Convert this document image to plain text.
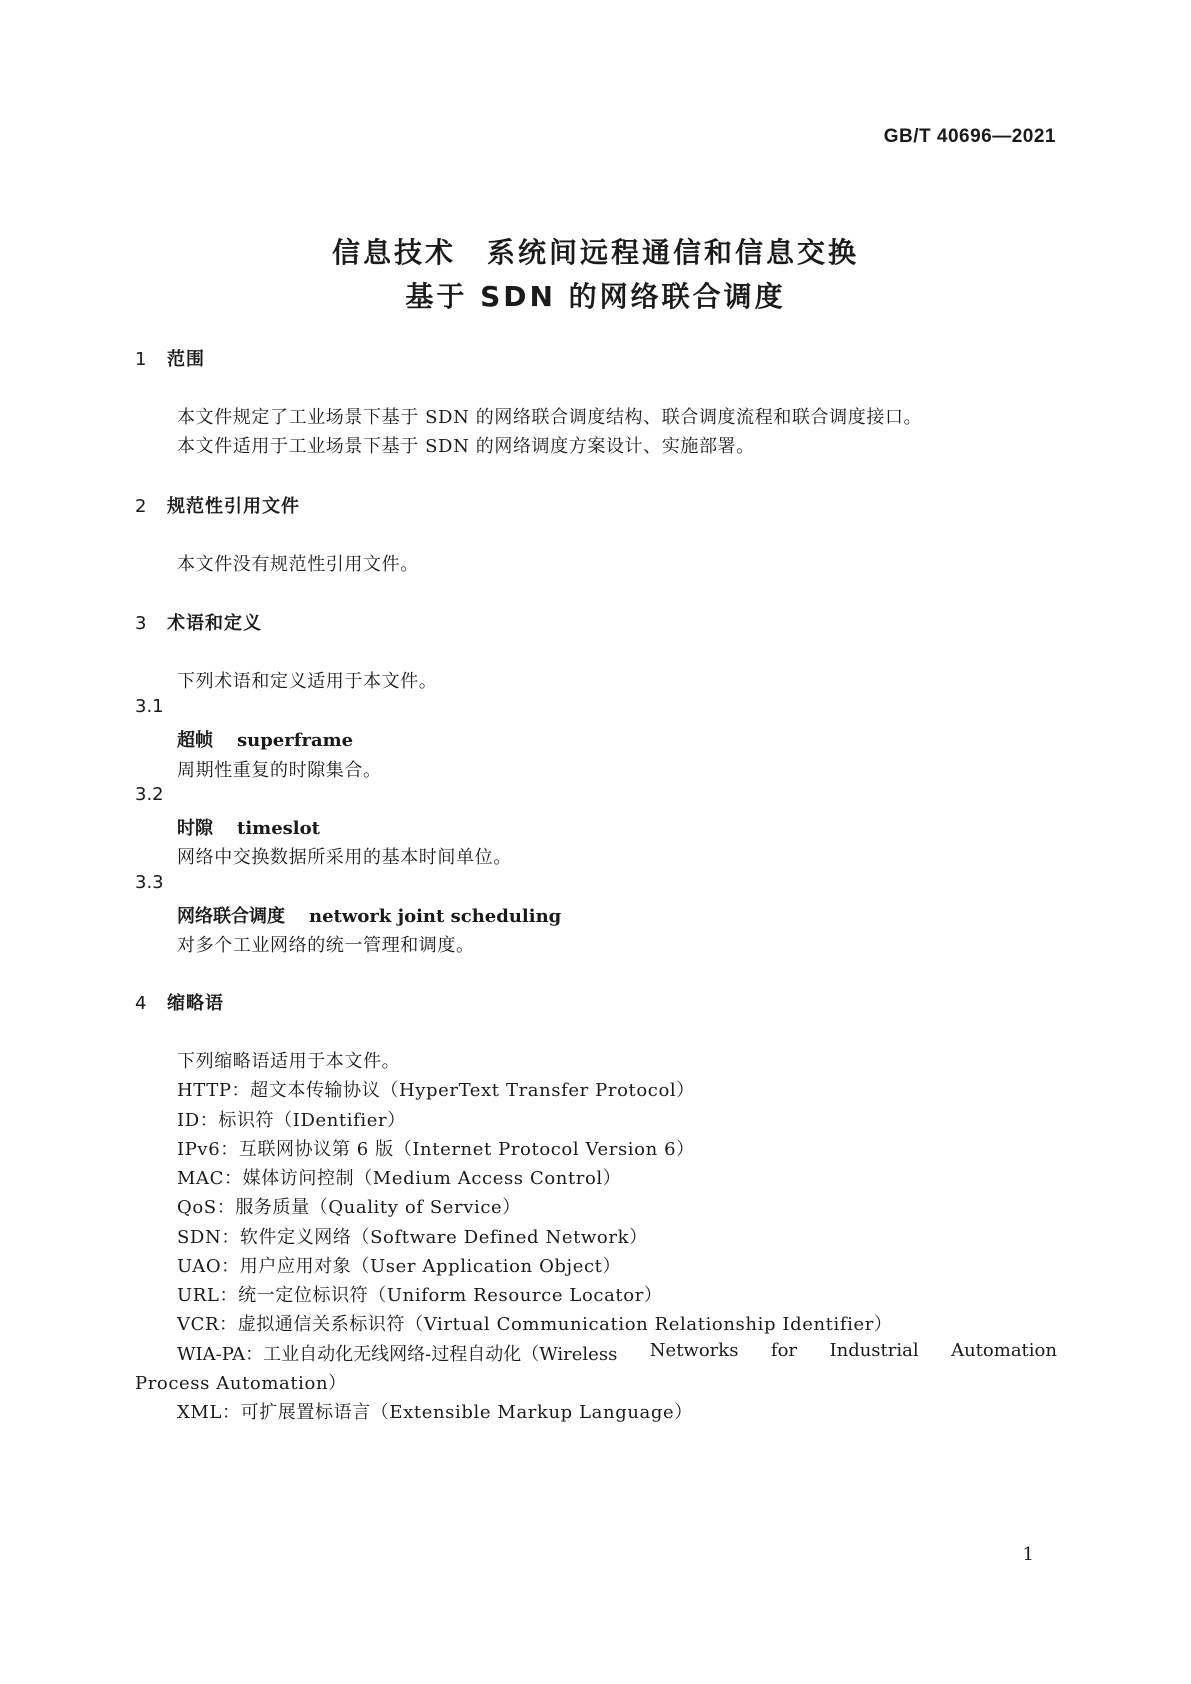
GB/T 40696—2021
信息技术　系统间远程通信和信息交换
基于 SDN 的网络联合调度
1 范围
本文件规定了工业场景下基于 SDN 的网络联合调度结构、联合调度流程和联合调度接口。
本文件适用于工业场景下基于 SDN 的网络调度方案设计、实施部署。
2 规范性引用文件
本文件没有规范性引用文件。
3 术语和定义
下列术语和定义适用于本文件。
3.1
超帧 superframe
周期性重复的时隙集合。
3.2
时隙 timeslot
网络中交换数据所采用的基本时间单位。
3.3
网络联合调度 network joint scheduling
对多个工业网络的统一管理和调度。
4 缩略语
下列缩略语适用于本文件。
HTTP：超文本传输协议（HyperText Transfer Protocol）
ID：标识符（IDentifier）
IPv6：互联网协议第 6 版（Internet Protocol Version 6）
MAC：媒体访问控制（Medium Access Control）
QoS：服务质量（Quality of Service）
SDN：软件定义网络（Software Defined Network）
UAO：用户应用对象（User Application Object）
URL：统一定位标识符（Uniform Resource Locator）
VCR：虚拟通信关系标识符（Virtual Communication Relationship Identifier）
WIA-PA：工业自动化无线网络-过程自动化（Wireless Networks for Industrial Automation
Process Automation）
XML：可扩展置标语言（Extensible Markup Language）
1
